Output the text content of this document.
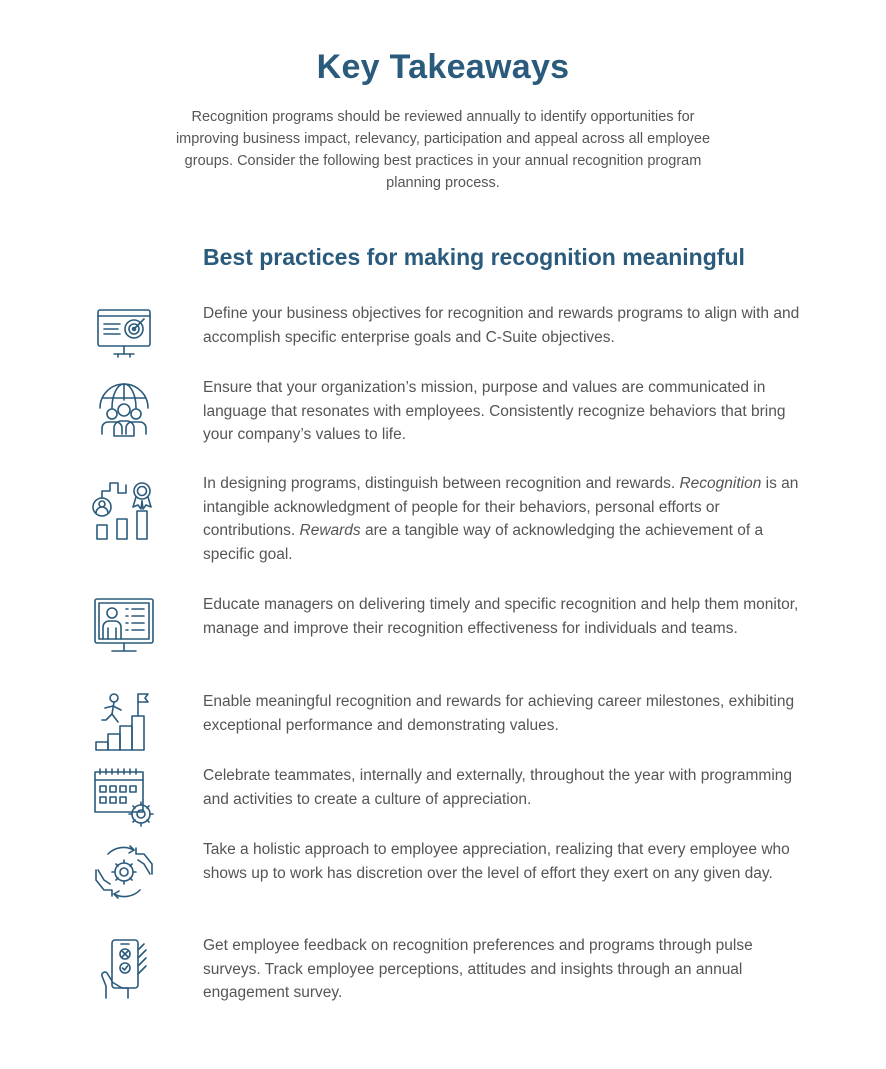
Key Takeaways
Recognition programs should be reviewed annually to identify opportunities for improving business impact, relevancy, participation and appeal across all employee groups. Consider the following best practices in your annual recognition program planning process.
Best practices for making recognition meaningful
Define your business objectives for recognition and rewards programs to align with and accomplish specific enterprise goals and C-Suite objectives.
Ensure that your organization’s mission, purpose and values are communicated in language that resonates with employees. Consistently recognize behaviors that bring your company’s values to life.
In designing programs, distinguish between recognition and rewards. Recognition is an intangible acknowledgment of people for their behaviors, personal efforts or contributions. Rewards are a tangible way of acknowledging the achievement of a specific goal.
Educate managers on delivering timely and specific recognition and help them monitor, manage and improve their recognition effectiveness for individuals and teams.
Enable meaningful recognition and rewards for achieving career milestones, exhibiting exceptional performance and demonstrating values.
Celebrate teammates, internally and externally, throughout the year with programming and activities to create a culture of appreciation.
Take a holistic approach to employee appreciation, realizing that every employee who shows up to work has discretion over the level of effort they exert on any given day.
Get employee feedback on recognition preferences and programs through pulse surveys. Track employee perceptions, attitudes and insights through an annual engagement survey.
